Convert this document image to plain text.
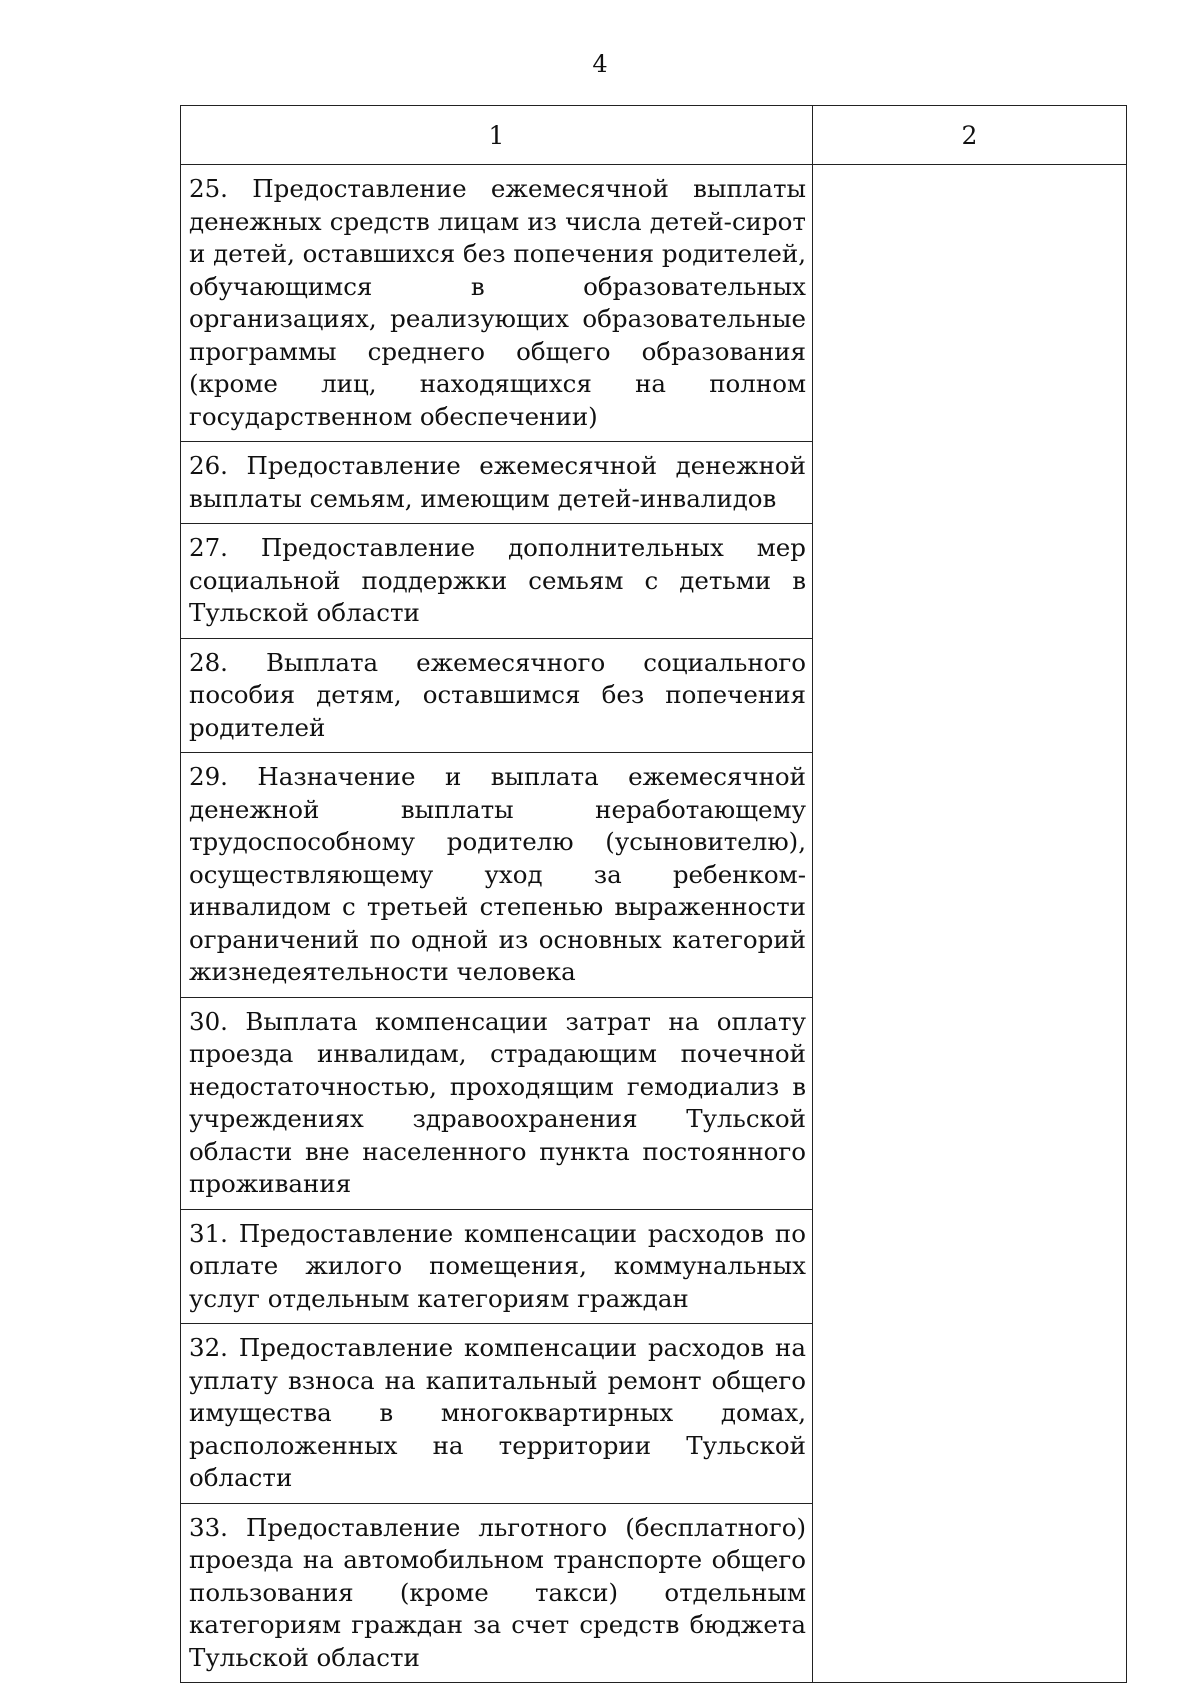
4
1	2
25. Предоставление ежемесячной выплаты денежных средств лицам из числа детей-сирот и детей, оставшихся без попечения родителей, обучающимся в образовательных организациях, реализующих образовательные программы среднего общего образования (кроме лиц, находящихся на полном государственном обеспечении)	
26. Предоставление ежемесячной денежной выплаты семьям, имеющим детей-инвалидов	
27. Предоставление дополнительных мер социальной поддержки семьям с детьми в Тульской области	
28. Выплата ежемесячного социального пособия детям, оставшимся без попечения родителей	
29. Назначение и выплата ежемесячной денежной выплаты неработающему трудоспособному родителю (усыновителю), осуществляющему уход за ребенком-инвалидом с третьей степенью выраженности ограничений по одной из основных категорий жизнедеятельности человека	
30. Выплата компенсации затрат на оплату проезда инвалидам, страдающим почечной недостаточностью, проходящим гемодиализ в учреждениях здравоохранения Тульской области вне населенного пункта постоянного проживания	
31. Предоставление компенсации расходов по оплате жилого помещения, коммунальных услуг отдельным категориям граждан	
32. Предоставление компенсации расходов на уплату взноса на капитальный ремонт общего имущества в многоквартирных домах, расположенных на территории Тульской области	
33. Предоставление льготного (бесплатного) проезда на автомобильном транспорте общего пользования (кроме такси) отдельным категориям граждан за счет средств бюджета Тульской области	
